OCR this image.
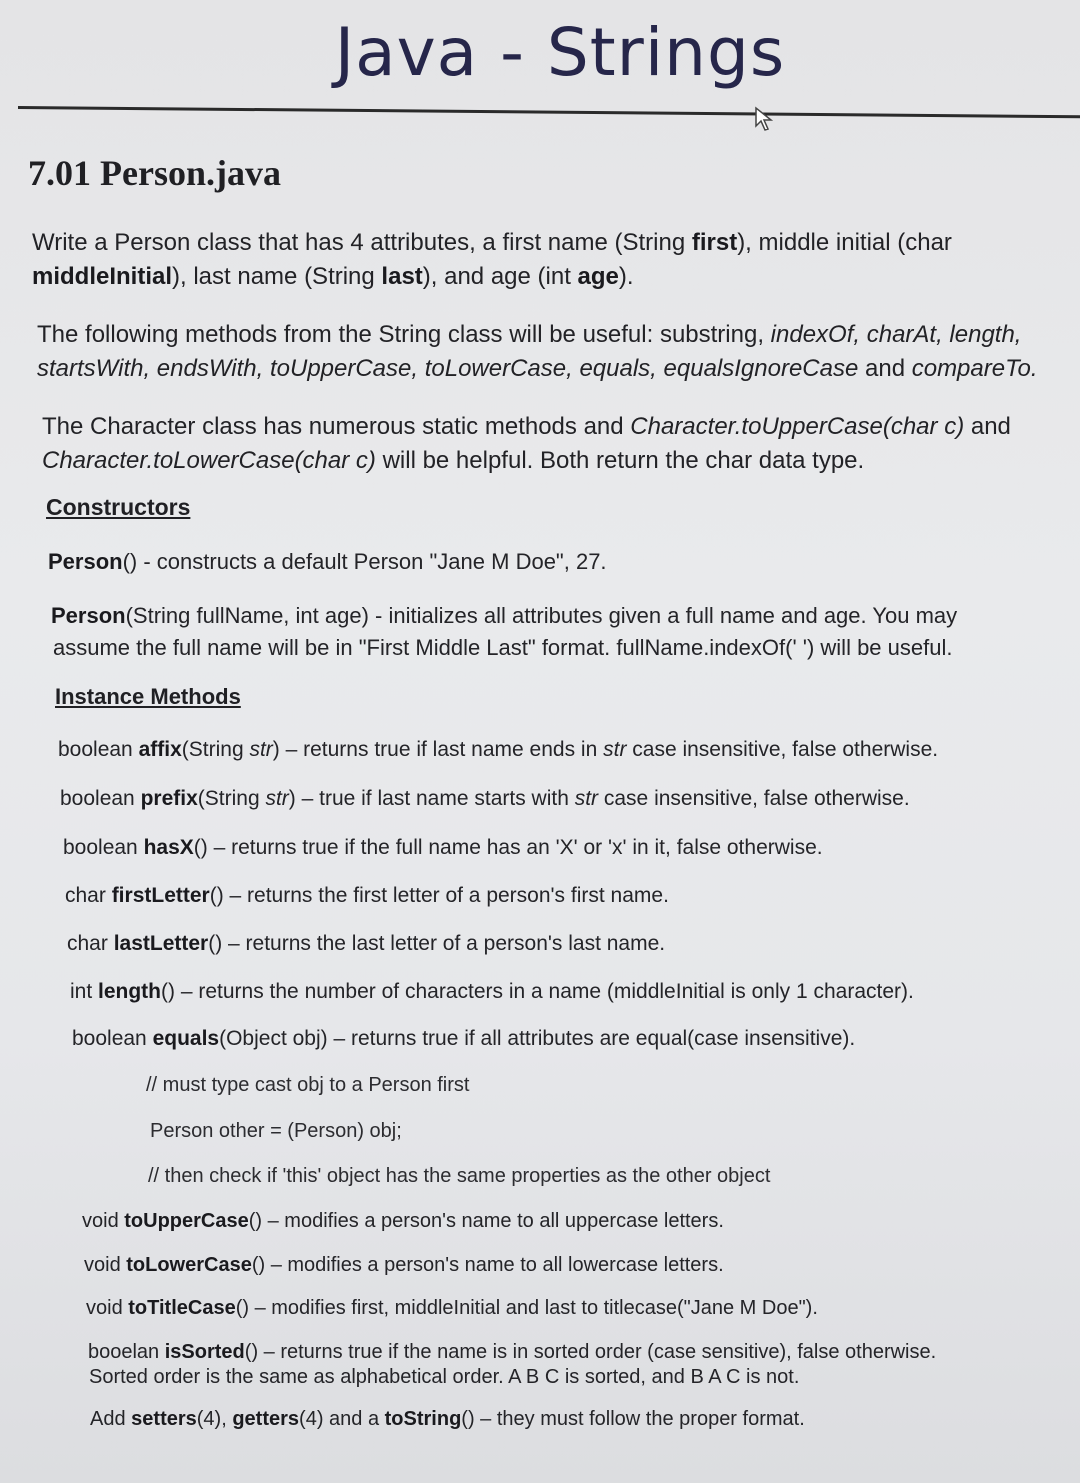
Java - Strings
7.01 Person.java
Write a Person class that has 4 attributes, a first name (String first), middle initial (char middleInitial), last name (String last), and age (int age).
The following methods from the String class will be useful: substring, indexOf, charAt, length, startsWith, endsWith, toUpperCase, toLowerCase, equals, equalsIgnoreCase and compareTo.
The Character class has numerous static methods and Character.toUpperCase(char c) and Character.toLowerCase(char c) will be helpful. Both return the char data type.
Constructors
Person() - constructs a default Person "Jane M Doe", 27.
Person(String fullName, int age) - initializes all attributes given a full name and age. You may
assume the full name will be in "First Middle Last" format. fullName.indexOf(' ') will be useful.
Instance Methods
boolean affix(String str) – returns true if last name ends in str case insensitive, false otherwise.
boolean prefix(String str) – true if last name starts with str case insensitive, false otherwise.
boolean hasX() – returns true if the full name has an 'X' or 'x' in it, false otherwise.
char firstLetter() – returns the first letter of a person's first name.
char lastLetter() – returns the last letter of a person's last name.
int length() – returns the number of characters in a name (middleInitial is only 1 character).
boolean equals(Object obj) – returns true if all attributes are equal(case insensitive).
// must type cast obj to a Person first
Person other = (Person) obj;
// then check if 'this' object has the same properties as the other object
void toUpperCase() – modifies a person's name to all uppercase letters.
void toLowerCase() – modifies a person's name to all lowercase letters.
void toTitleCase() – modifies first, middleInitial and last to titlecase("Jane M Doe").
booelan isSorted() – returns true if the name is in sorted order (case sensitive), false otherwise.
Sorted order is the same as alphabetical order. A B C is sorted, and B A C is not.
Add setters(4), getters(4) and a toString() – they must follow the proper format.
